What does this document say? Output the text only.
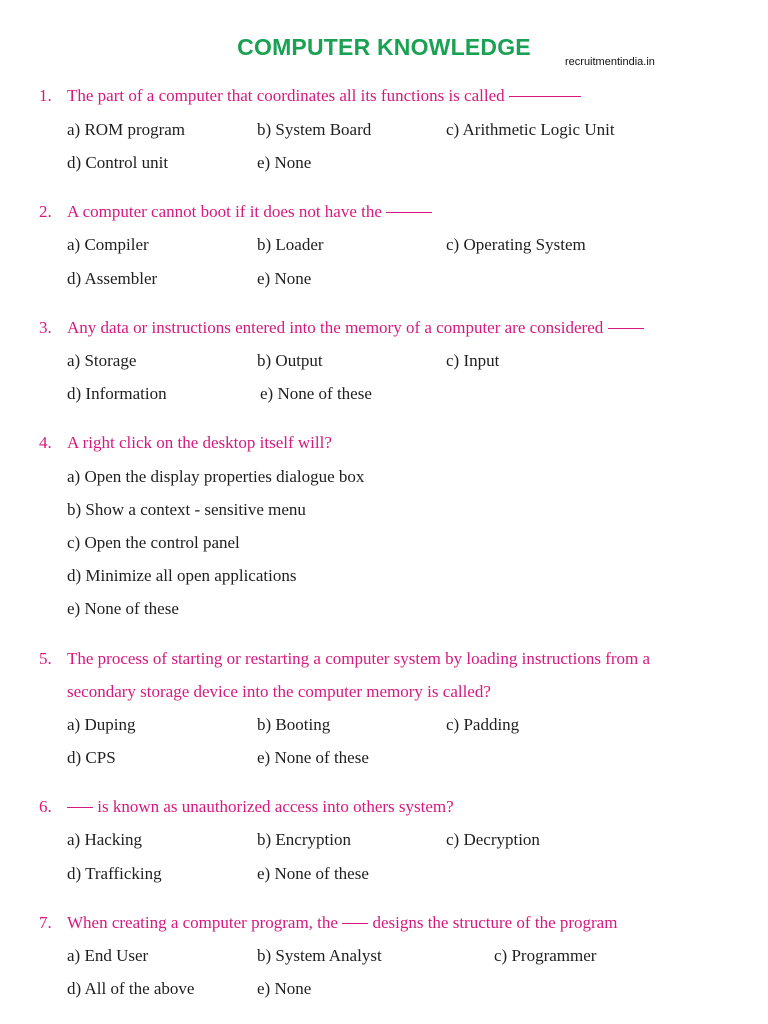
COMPUTER KNOWLEDGE
recruitmentindia.in
1. The part of a computer that coordinates all its functions is called
a) ROM program	b) System Board	c) Arithmetic Logic Unit
d) Control unit	e) None
2. A computer cannot boot if it does not have the
a) Compiler	b) Loader	c) Operating System
d) Assembler	e) None
3. Any data or instructions entered into the memory of a computer are considered
a) Storage	b) Output	c) Input
d) Information	e) None of these
4. A right click on the desktop itself will?
a) Open the display properties dialogue box
b) Show a context - sensitive menu
c) Open the control panel
d) Minimize all open applications
e) None of these
5. The process of starting or restarting a computer system by loading instructions from a
secondary storage device into the computer memory is called?
a) Duping	b) Booting	c) Padding
d) CPS	e) None of these
6.	is known as unauthorized access into others system?
a) Hacking	b) Encryption	c) Decryption
d) Trafficking	e) None of these
7. When creating a computer program, the designs the structure of the program
a) End User	b) System Analyst	c) Programmer
d) All of the above	e) None
